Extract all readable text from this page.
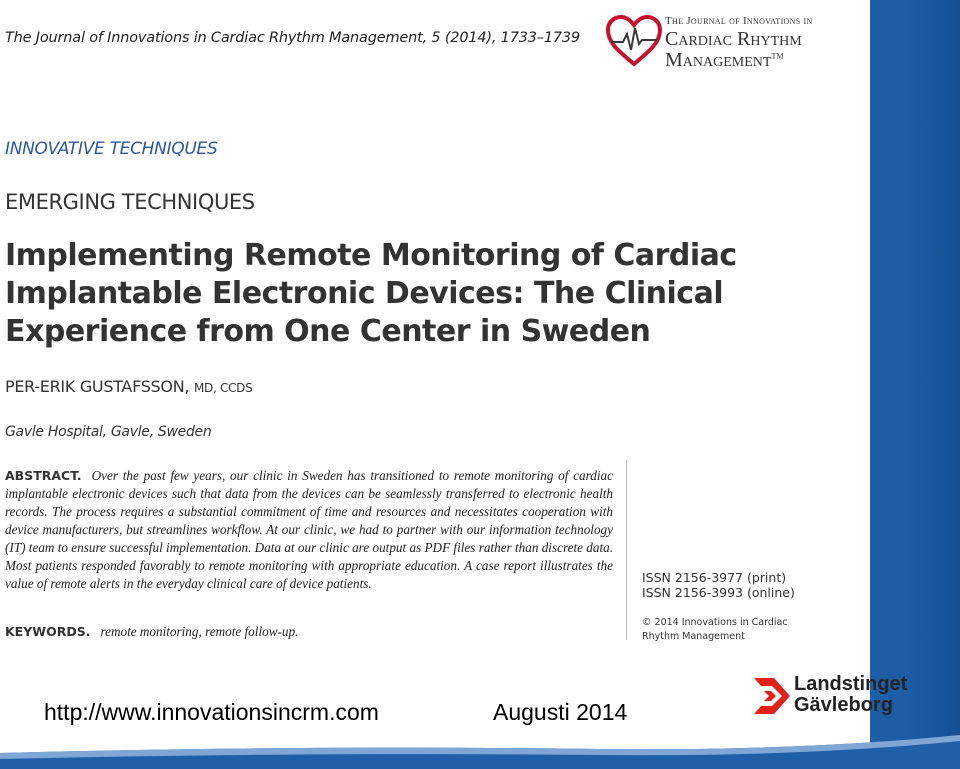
The Journal of Innovations in Cardiac Rhythm Management, 5 (2014), 1733–1739
The Journal of Innovations in
Cardiac Rhythm
Management™
INNOVATIVE TECHNIQUES
EMERGING TECHNIQUES
Implementing Remote Monitoring of Cardiac Implantable Electronic Devices: The Clinical Experience from One Center in Sweden
PER-ERIK GUSTAFSSON, MD, CCDS
Gavle Hospital, Gavle, Sweden
ABSTRACT. Over the past few years, our clinic in Sweden has transitioned to remote monitoring of cardiac implantable electronic devices such that data from the devices can be seamlessly transferred to electronic health records. The process requires a substantial commitment of time and resources and necessitates cooperation with device manufacturers, but streamlines workflow. At our clinic, we had to partner with our information technology (IT) team to ensure successful implementation. Data at our clinic are output as PDF files rather than discrete data. Most patients responded favorably to remote monitoring with appropriate education. A case report illustrates the value of remote alerts in the everyday clinical care of device patients.
KEYWORDS. remote monitoring, remote follow-up.
ISSN 2156-3977 (print)
ISSN 2156-3993 (online)
© 2014 Innovations in Cardiac
Rhythm Management
http://www.innovationsincrm.com	Augusti 2014
Landstinget
Gävleborg
